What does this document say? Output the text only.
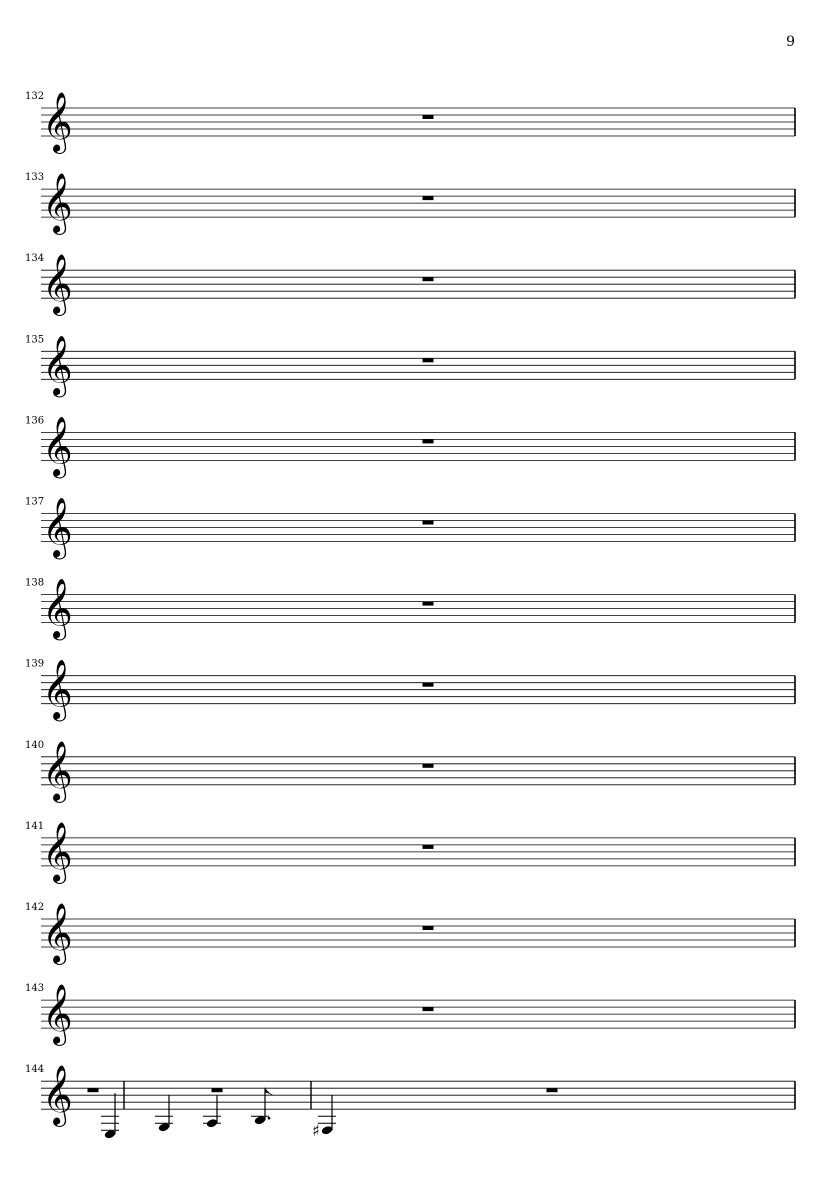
9
132
𝄞
133
𝄞
134
𝄞
135
𝄞
136
𝄞
137
𝄞
138
𝄞
139
𝄞
140
𝄞
141
𝄞
142
𝄞
143
𝄞
144
𝄞
♯
